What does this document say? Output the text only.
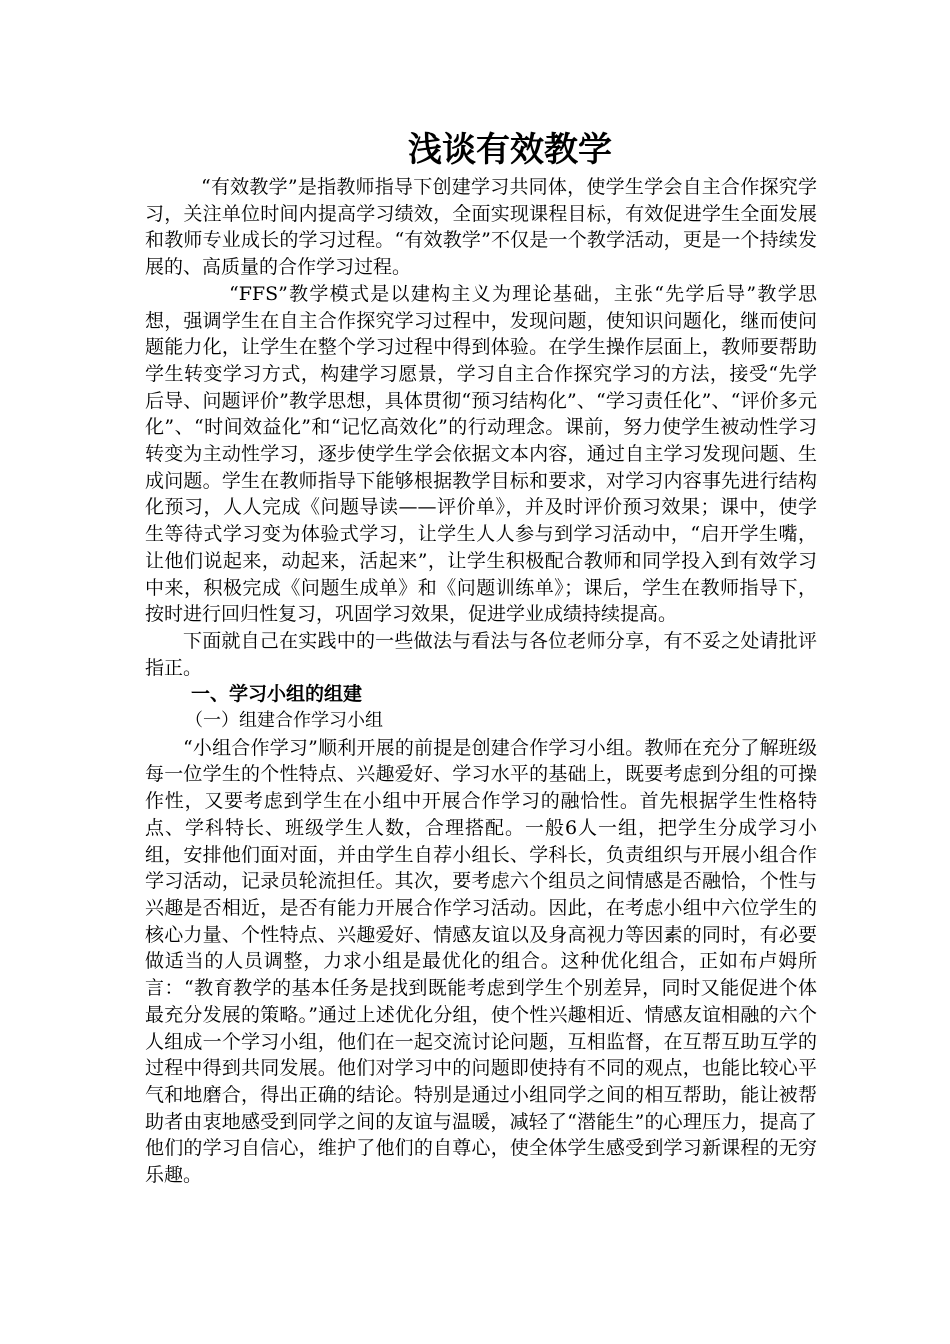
浅谈有效教学

“有效教学”是指教师指导下创建学习共同体，使学生学会自主合作探究学习，关注单位时间内提高学习绩效，全面实现课程目标，有效促进学生全面发展和教师专业成长的学习过程。“有效教学”不仅是一个教学活动，更是一个持续发展的、高质量的合作学习过程。

“FFS”教学模式是以建构主义为理论基础，主张“先学后导”教学思想，强调学生在自主合作探究学习过程中，发现问题，使知识问题化，继而使问题能力化，让学生在整个学习过程中得到体验。在学生操作层面上，教师要帮助学生转变学习方式，构建学习愿景，学习自主合作探究学习的方法，接受“先学后导、问题评价”教学思想，具体贯彻“预习结构化”、“学习责任化”、“评价多元化”、“时间效益化”和“记忆高效化”的行动理念。课前，努力使学生被动性学习转变为主动性学习，逐步使学生学会依据文本内容，通过自主学习发现问题、生成问题。学生在教师指导下能够根据教学目标和要求，对学习内容事先进行结构化预习，人人完成《问题导读——评价单》，并及时评价预习效果；课中，使学生等待式学习变为体验式学习，让学生人人参与到学习活动中，“启开学生嘴，让他们说起来，动起来，活起来”，让学生积极配合教师和同学投入到有效学习中来，积极完成《问题生成单》和《问题训练单》；课后，学生在教师指导下，按时进行回归性复习，巩固学习效果，促进学业成绩持续提高。

下面就自己在实践中的一些做法与看法与各位老师分享，有不妥之处请批评指正。

一、学习小组的组建

（一）组建合作学习小组

“小组合作学习”顺利开展的前提是创建合作学习小组。教师在充分了解班级每一位学生的个性特点、兴趣爱好、学习水平的基础上，既要考虑到分组的可操作性，又要考虑到学生在小组中开展合作学习的融恰性。首先根据学生性格特点、学科特长、班级学生人数，合理搭配。一般6人一组，把学生分成学习小组，安排他们面对面，并由学生自荐小组长、学科长，负责组织与开展小组合作学习活动，记录员轮流担任。其次，要考虑六个组员之间情感是否融恰，个性与兴趣是否相近，是否有能力开展合作学习活动。因此，在考虑小组中六位学生的核心力量、个性特点、兴趣爱好、情感友谊以及身高视力等因素的同时，有必要做适当的人员调整，力求小组是最优化的组合。这种优化组合，正如布卢姆所言：“教育教学的基本任务是找到既能考虑到学生个别差异，同时又能促进个体最充分发展的策略。”通过上述优化分组，使个性兴趣相近、情感友谊相融的六个人组成一个学习小组，他们在一起交流讨论问题，互相监督，在互帮互助互学的过程中得到共同发展。他们对学习中的问题即使持有不同的观点，也能比较心平气和地磨合，得出正确的结论。特别是通过小组同学之间的相互帮助，能让被帮助者由衷地感受到同学之间的友谊与温暖，减轻了“潜能生”的心理压力，提高了他们的学习自信心，维护了他们的自尊心，使全体学生感受到学习新课程的无穷乐趣。
